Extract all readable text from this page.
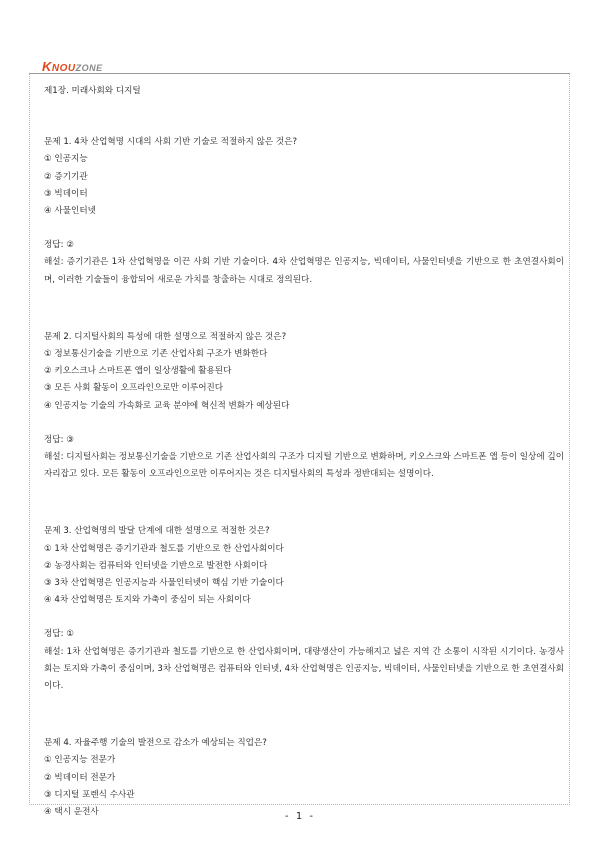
KNOUZONE
제1장. 미래사회와 디지털
문제 1. 4차 산업혁명 시대의 사회 기반 기술로 적절하지 않은 것은?
① 인공지능
② 증기기관
③ 빅데이터
④ 사물인터넷
정답: ②
해설: 증기기관은 1차 산업혁명을 이끈 사회 기반 기술이다. 4차 산업혁명은 인공지능, 빅데이터, 사물인터넷을 기반으로 한 초연결사회이며, 이러한 기술들이 융합되어 새로운 가치를 창출하는 시대로 정의된다.
문제 2. 디지털사회의 특성에 대한 설명으로 적절하지 않은 것은?
① 정보통신기술을 기반으로 기존 산업사회 구조가 변화한다
② 키오스크나 스마트폰 앱이 일상생활에 활용된다
③ 모든 사회 활동이 오프라인으로만 이루어진다
④ 인공지능 기술의 가속화로 교육 분야에 혁신적 변화가 예상된다
정답: ③
해설: 디지털사회는 정보통신기술을 기반으로 기존 산업사회의 구조가 디지털 기반으로 변화하며, 키오스크와 스마트폰 앱 등이 일상에 깊이 자리잡고 있다. 모든 활동이 오프라인으로만 이루어지는 것은 디지털사회의 특성과 정반대되는 설명이다.
문제 3. 산업혁명의 발달 단계에 대한 설명으로 적절한 것은?
① 1차 산업혁명은 증기기관과 철도를 기반으로 한 산업사회이다
② 농경사회는 컴퓨터와 인터넷을 기반으로 발전한 사회이다
③ 3차 산업혁명은 인공지능과 사물인터넷이 핵심 기반 기술이다
④ 4차 산업혁명은 토지와 가축이 중심이 되는 사회이다
정답: ①
해설: 1차 산업혁명은 증기기관과 철도를 기반으로 한 산업사회이며, 대량생산이 가능해지고 넓은 지역 간 소통이 시작된 시기이다. 농경사회는 토지와 가축이 중심이며, 3차 산업혁명은 컴퓨터와 인터넷, 4차 산업혁명은 인공지능, 빅데이터, 사물인터넷을 기반으로 한 초연결사회이다.
문제 4. 자율주행 기술의 발전으로 감소가 예상되는 직업은?
① 인공지능 전문가
② 빅데이터 전문가
③ 디지털 포렌식 수사관
④ 택시 운전사	- 1 -
